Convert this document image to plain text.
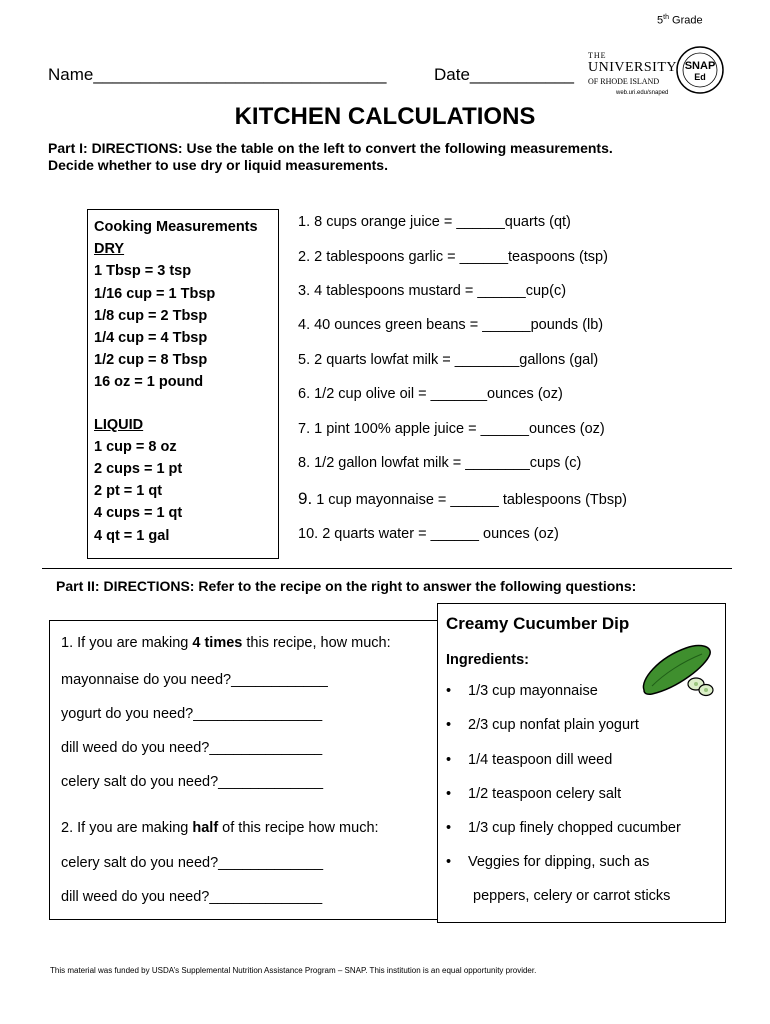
5th Grade
Name_______________________________	Date___________
THE
UNIVERSITY
OF RHODE ISLAND
web.uri.edu/snaped
SNAP
Ed
KITCHEN CALCULATIONS
Part I: DIRECTIONS: Use the table on the left to convert the following measurements.
Decide whether to use dry or liquid measurements.
Cooking Measurements
DRY
1 Tbsp = 3 tsp
1/16 cup = 1 Tbsp
1/8 cup = 2 Tbsp
1/4 cup = 4 Tbsp
1/2 cup = 8 Tbsp
16 oz = 1 pound
LIQUID
1 cup = 8 oz
2 cups = 1 pt
2 pt = 1 qt
4 cups = 1 qt
4 qt = 1 gal
1. 8 cups orange juice = ______quarts (qt)
2. 2 tablespoons garlic = ______teaspoons (tsp)
3. 4 tablespoons mustard = ______cup(c)
4. 40 ounces green beans = ______pounds (lb)
5. 2 quarts lowfat milk = ________gallons (gal)
6. 1/2 cup olive oil = _______ounces (oz)
7. 1 pint 100% apple juice = ______ounces (oz)
8. 1/2 gallon lowfat milk = ________cups (c)
9. 1 cup mayonnaise = ______ tablespoons (Tbsp)
10. 2 quarts water = ______ ounces (oz)
Part II: DIRECTIONS: Refer to the recipe on the right to answer the following questions:
1. If you are making 4 times this recipe, how much:
mayonnaise do you need?____________
yogurt do you need?________________
dill weed do you need?______________
celery salt do you need?_____________
2. If you are making half of this recipe how much:
celery salt do you need?_____________
dill weed do you need?______________
Creamy Cucumber Dip
Ingredients:
• 1/3 cup mayonnaise
• 2/3 cup nonfat plain yogurt
• 1/4 teaspoon dill weed
• 1/2 teaspoon celery salt
• 1/3 cup finely chopped cucumber
• Veggies for dipping, such as
peppers, celery or carrot sticks
This material was funded by USDA’s Supplemental Nutrition Assistance Program – SNAP. This institution is an equal opportunity provider.
